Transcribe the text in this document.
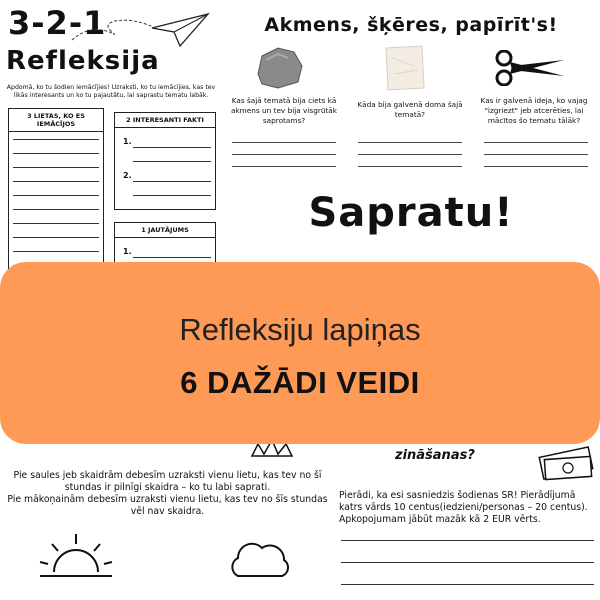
3-2-1
Refleksija
Apdomā, ko tu šodien iemācījies! Uzraksti, ko tu iemācījies, kas tev likās interesants un ko tu pajautātu, lai saprastu tematu labāk.
3 LIETAS, KO ES IEMĀCĪJOS	2 INTERESANTI FAKTI
1.
2.
1 JAUTĀJUMS
1.
Akmens, šķēres, papīrīt's!
Kas šajā tematā bija ciets kā akmens un tev bija visgrūtāk saprotams?
Kāda bija galvenā doma šajā tematā?
Kas ir galvenā ideja, ko vajag "izgriezt" jeb atcerēties, lai mācītos šo tematu tālāk?
Sapratu!
Pie saules jeb skaidrām debesīm uzraksti vienu lietu, kas tev no šī stundas ir pilnīgi skaidra – ko tu labi saprati.
Pie mākoņainām debesīm uzraksti vienu lietu, kas tev no šīs stundas vēl nav skaidra.
zināšanas?
Pierādi, ka esi sasniedzis šodienas SR! Pierādījumā katrs vārds 10 centus(iedzieni/personas – 20 centus). Apkopojumam jābūt mazāk kā 2 EUR vērts.
Refleksiju lapiņas
6 DAŽĀDI VEIDI
